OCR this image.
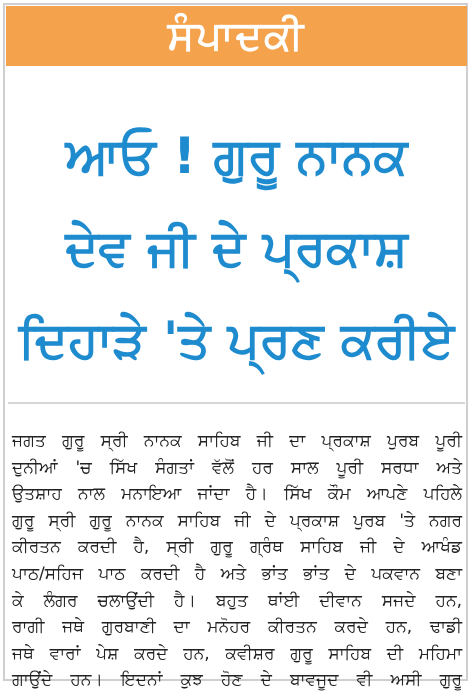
ਸੰਪਾਦਕੀ
ਆਓ ! ਗੁਰੂ ਨਾਨਕ
ਦੇਵ ਜੀ ਦੇ ਪ੍ਰਕਾਸ਼
ਦਿਹਾੜੇ 'ਤੇ ਪ੍ਰਣ ਕਰੀਏ
ਜਗਤ ਗੁਰੂ ਸ੍ਰੀ ਨਾਨਕ ਸਾਹਿਬ ਜੀ ਦਾ ਪ੍ਰਕਾਸ਼ ਪੁਰਬ ਪੂਰੀ
ਦੁਨੀਆਂ 'ਚ ਸਿੱਖ ਸੰਗਤਾਂ ਵੱਲੋਂ ਹਰ ਸਾਲ ਪੂਰੀ ਸਰਧਾ ਅਤੇ
ਉਤਸ਼ਾਹ ਨਾਲ ਮਨਾਇਆ ਜਾਂਦਾ ਹੈ। ਸਿੱਖ ਕੌਮ ਆਪਣੇ ਪਹਿਲੇ
ਗੁਰੂ ਸ੍ਰੀ ਗੁਰੂ ਨਾਨਕ ਸਾਹਿਬ ਜੀ ਦੇ ਪ੍ਰਕਾਸ਼ ਪੁਰਬ 'ਤੇ ਨਗਰ
ਕੀਰਤਨ ਕਰਦੀ ਹੈ, ਸ੍ਰੀ ਗੁਰੂ ਗ੍ਰੰਥ ਸਾਹਿਬ ਜੀ ਦੇ ਆਖੰਡ
ਪਾਠ/ਸਹਿਜ ਪਾਠ ਕਰਦੀ ਹੈ ਅਤੇ ਭਾਂਤ ਭਾਂਤ ਦੇ ਪਕਵਾਨ ਬਣਾ
ਕੇ ਲੰਗਰ ਚਲਾਉਂਦੀ ਹੈ। ਬਹੁਤ ਥਾਂਈ ਦੀਵਾਨ ਸਜਦੇ ਹਨ,
ਰਾਗੀ ਜਥੇ ਗੁਰਬਾਣੀ ਦਾ ਮਨੋਹਰ ਕੀਰਤਨ ਕਰਦੇ ਹਨ, ਢਾਡੀ
ਜਥੇ ਵਾਰਾਂ ਪੇਸ਼ ਕਰਦੇ ਹਨ, ਕਵੀਸ਼ਰ ਗੁਰੂ ਸਾਹਿਬ ਦੀ ਮਹਿਮਾ
ਗਾਉਂਦੇ ਹਨ। ਇਦਨਾਂ ਕੁਝ ਹੋਣ ਦੇ ਬਾਵਜੂਦ ਵੀ ਅਸੀ ਗੁਰੂ
